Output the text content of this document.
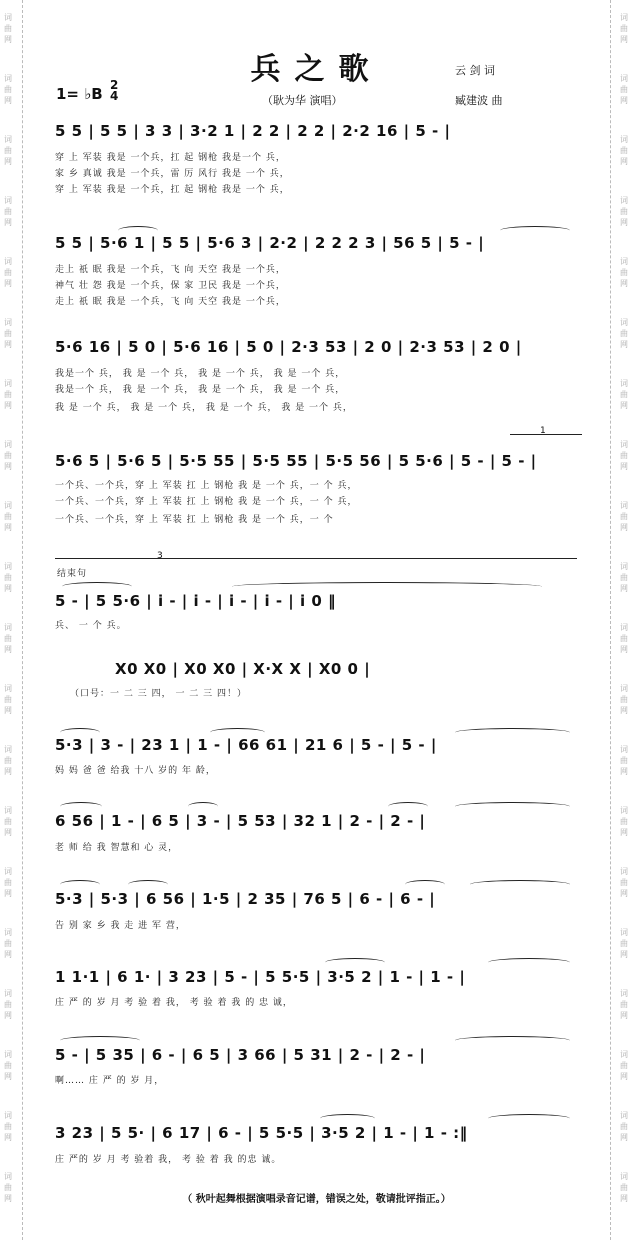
词
曲
网
词
曲
网
词
曲
网
词
曲
网
词
曲
网
词
曲
网
词
曲
网
词
曲
网
词
曲
网
词
曲
网
词
曲
网
词
曲
网
词
曲
网
词
曲
网
词
曲
网
词
曲
网
词
曲
网
词
曲
网
词
曲
网
词
曲
网
词
曲
网
词
曲
网
词
曲
网
词
曲
网
词
曲
网
词
曲
网
词
曲
网
词
曲
网
词
曲
网
词
曲
网
词
曲
网
词
曲
网
词
曲
网
词
曲
网
词
曲
网
词
曲
网
词
曲
网
词
曲
网
词
曲
网
词
曲
网
兵之歌	云 剑 词
（耿为华 演唱）	臧建波 曲
1= ♭B 2
4
5 5 | 5 5 | 3 3 | 3·2 1 | 2 2 | 2 2 | 2·2 16 | 5 - |
穿 上 军装 我是 一个兵，扛 起 钢枪 我是一个 兵，
家 乡 真诚 我是 一个兵，雷 厉 风行 我是 一个 兵，
穿 上 军装 我是 一个兵，扛 起 钢枪 我是 一个 兵，
5 5 | 5·6 1 | 5 5 | 5·6 3 | 2·2 | 2 2 2 3 | 56 5 | 5 - |
走上 祇 眠 我是 一个兵，飞 向 天空 我是 一个兵，
神气 壮 怨 我是 一个兵，保 家 卫民 我是 一个兵，
走上 祇 眠 我是 一个兵，飞 向 天空 我是 一个兵，
5·6 16 | 5 0 | 5·6 16 | 5 0 | 2·3 53 | 2 0 | 2·3 53 | 2 0 |
我是一个 兵， 我 是 一个 兵， 我 是 一个 兵， 我 是 一个 兵，
我是一个 兵， 我 是 一个 兵， 我 是 一个 兵， 我 是 一个 兵，
我 是 一个 兵， 我 是 一个 兵， 我 是 一个 兵， 我 是 一个 兵，
1
5·6 5 | 5·6 5 | 5·5 55 | 5·5 55 | 5·5 56 | 5 5·6 | 5 - | 5 - |
一个兵、一个兵，穿 上 军装 扛 上 钢枪 我 是 一个 兵，一 个 兵，
一个兵、一个兵，穿 上 军装 扛 上 钢枪 我 是 一个 兵，一 个 兵，
一个兵、一个兵，穿 上 军装 扛 上 钢枪 我 是 一个 兵，一 个
3
结束句
5 - | 5 5·6 | i - | i - | i - | i - | i 0 ‖
兵、 一 个 兵。
X0 X0 | X0 X0 | X·X X | X0 0 |
（口号：一 二 三 四， 一 二 三 四！）
5·3 | 3 - | 23 1 | 1 - | 66 61 | 21 6 | 5 - | 5 - |
妈 妈 爸 爸 给我 十八 岁的 年 龄，
6 56 | 1 - | 6 5 | 3 - | 5 53 | 32 1 | 2 - | 2 - |
老 师 给 我 智慧和 心 灵，
5·3 | 5·3 | 6 56 | 1·5 | 2 35 | 76 5 | 6 - | 6 - |
告 别 家 乡 我 走 进 军 营，
1 1·1 | 6 1· | 3 23 | 5 - | 5 5·5 | 3·5 2 | 1 - | 1 - |
庄 严 的 岁 月 考 验 着 我， 考 验 着 我 的 忠 诚，
5 - | 5 35 | 6 - | 6 5 | 3 66 | 5 31 | 2 - | 2 - |
啊…… 庄 严 的 岁 月，
3 23 | 5 5· | 6 17 | 6 - | 5 5·5 | 3·5 2 | 1 - | 1 - :‖
庄 严的 岁 月 考 验着 我， 考 验 着 我 的忠 诚。
（ 秋叶起舞根据演唱录音记谱，错误之处，敬请批评指正。）
